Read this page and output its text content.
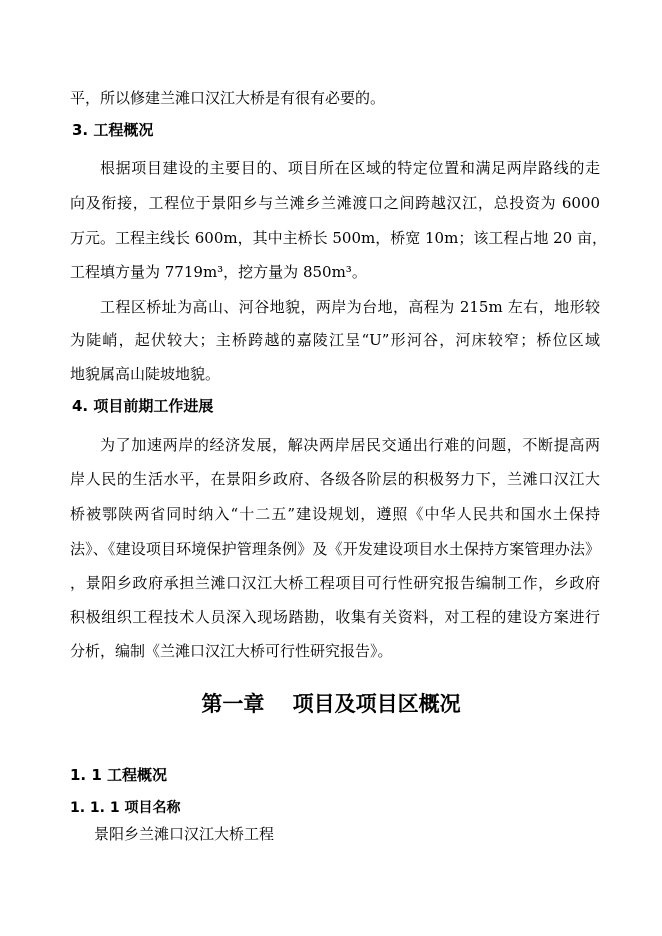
平，所以修建兰滩口汉江大桥是有很有必要的。
3. 工程概况
根据项目建设的主要目的、项目所在区域的特定位置和满足两岸路线的走
向及衔接，工程位于景阳乡与兰滩乡兰滩渡口之间跨越汉江，总投资为 6000
万元。工程主线长 600m，其中主桥长 500m，桥宽 10m；该工程占地 20 亩，
工程填方量为 7719m³，挖方量为 850m³。
工程区桥址为高山、河谷地貌，两岸为台地，高程为 215m 左右，地形较
为陡峭，起伏较大；主桥跨越的嘉陵江呈“U”形河谷，河床较窄；桥位区域
地貌属高山陡坡地貌。
4. 项目前期工作进展
为了加速两岸的经济发展，解决两岸居民交通出行难的问题，不断提高两
岸人民的生活水平，在景阳乡政府、各级各阶层的积极努力下，兰滩口汉江大
桥被鄂陕两省同时纳入“十二五”建设规划，遵照《中华人民共和国水土保持
法》、《建设项目环境保护管理条例》及《开发建设项目水土保持方案管理办法》
，景阳乡政府承担兰滩口汉江大桥工程项目可行性研究报告编制工作，乡政府
积极组织工程技术人员深入现场踏勘，收集有关资料，对工程的建设方案进行
分析，编制《兰滩口汉江大桥可行性研究报告》。
第一章　 项目及项目区概况
1. 1 工程概况
1. 1. 1 项目名称
景阳乡兰滩口汉江大桥工程
